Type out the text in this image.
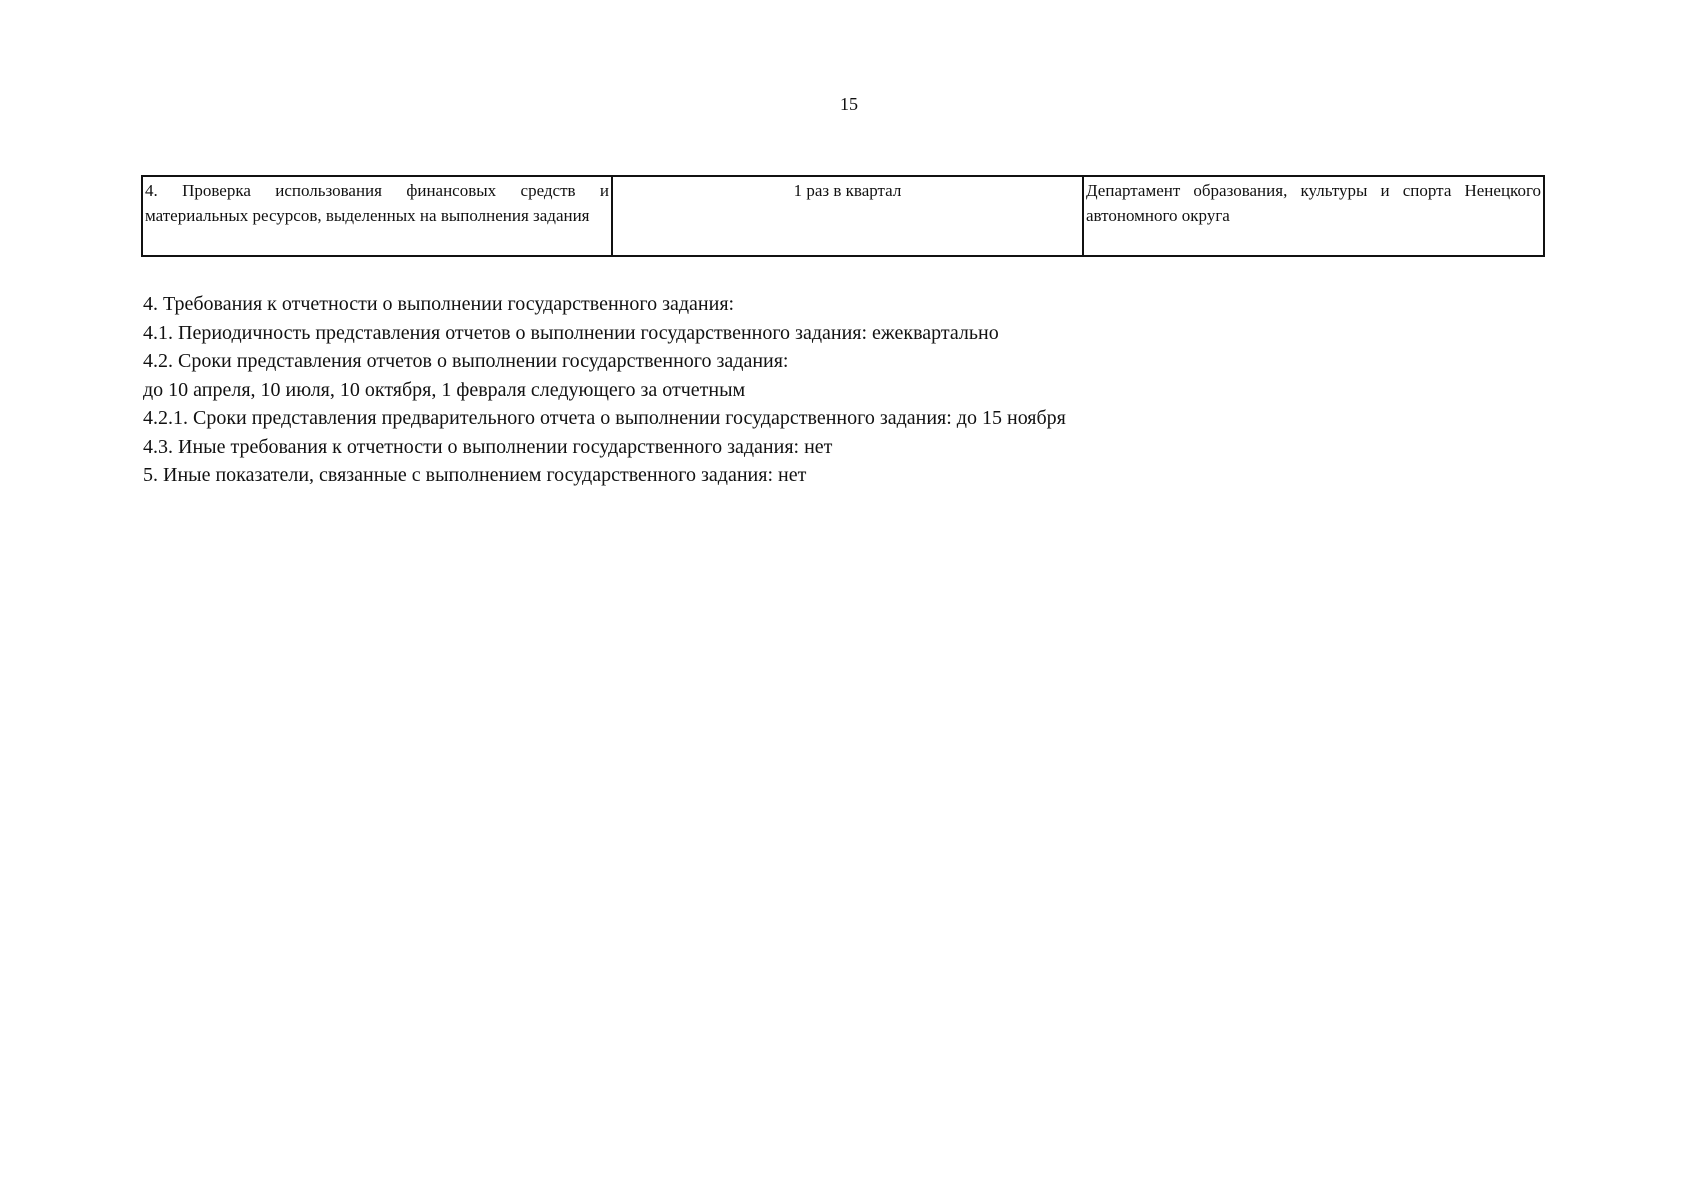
15
4. Проверка использования финансовых средств и материальных ресурсов, выделенных на выполнения задания	1 раз в квартал	Департамент образования, культуры и спорта Ненецкого автономного округа
4. Требования к отчетности о выполнении государственного задания:
4.1. Периодичность представления отчетов о выполнении государственного задания: ежеквартально
4.2. Сроки представления отчетов о выполнении государственного задания:
до 10 апреля, 10 июля, 10 октября, 1 февраля следующего за отчетным
4.2.1. Сроки представления предварительного отчета о выполнении государственного задания: до 15 ноября
4.3. Иные требования к отчетности о выполнении государственного задания: нет
5. Иные показатели, связанные с выполнением государственного задания: нет
